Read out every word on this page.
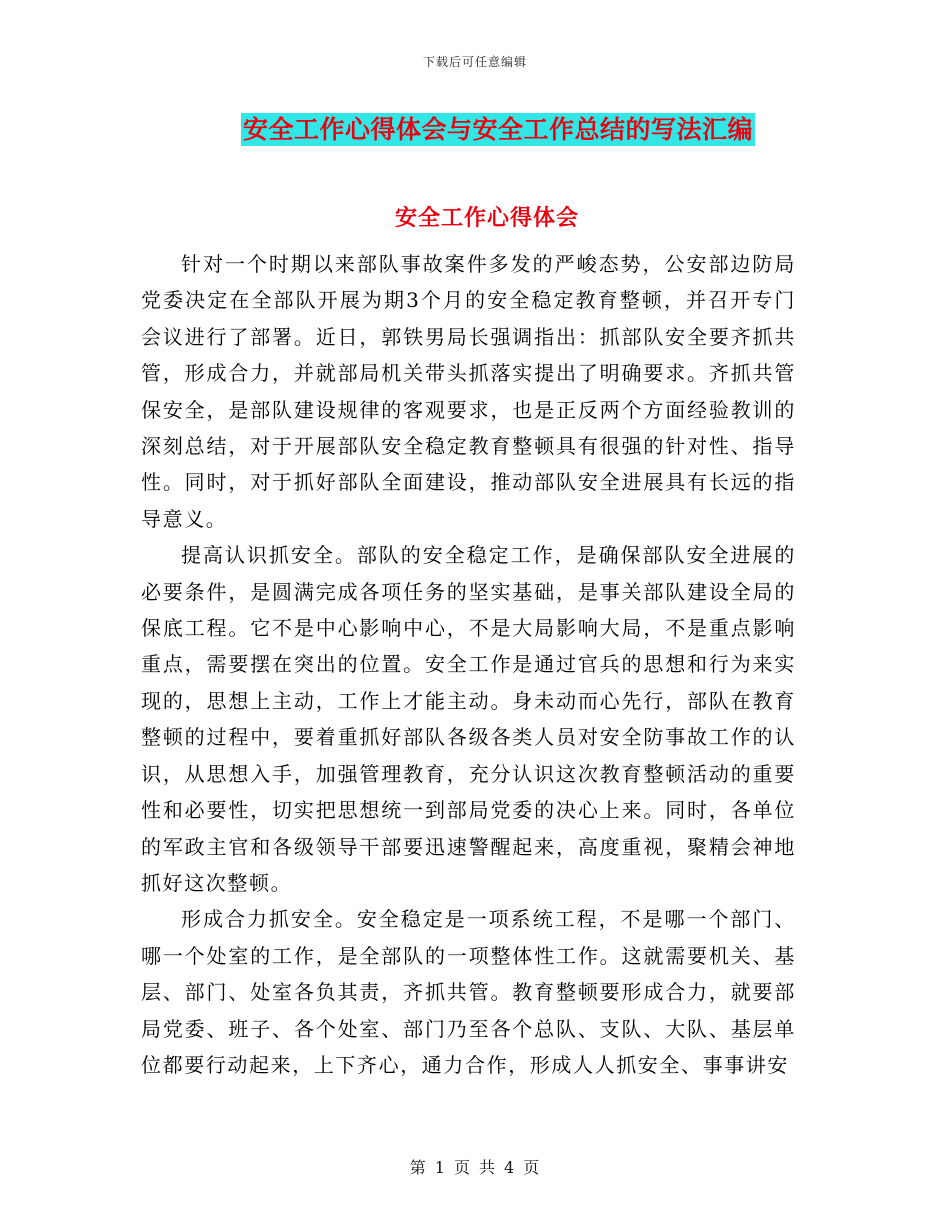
下载后可任意编辑
安全工作心得体会与安全工作总结的写法汇编
安全工作心得体会

针对一个时期以来部队事故案件多发的严峻态势，公安部边防局党委决定在全部队开展为期3个月的安全稳定教育整顿，并召开专门会议进行了部署。近日，郭铁男局长强调指出：抓部队安全要齐抓共管，形成合力，并就部局机关带头抓落实提出了明确要求。齐抓共管保安全，是部队建设规律的客观要求，也是正反两个方面经验教训的深刻总结，对于开展部队安全稳定教育整顿具有很强的针对性、指导性。同时，对于抓好部队全面建设，推动部队安全进展具有长远的指导意义。

提高认识抓安全。部队的安全稳定工作，是确保部队安全进展的必要条件，是圆满完成各项任务的坚实基础，是事关部队建设全局的保底工程。它不是中心影响中心，不是大局影响大局，不是重点影响重点，需要摆在突出的位置。安全工作是通过官兵的思想和行为来实现的，思想上主动，工作上才能主动。身未动而心先行，部队在教育整顿的过程中，要着重抓好部队各级各类人员对安全防事故工作的认识，从思想入手，加强管理教育，充分认识这次教育整顿活动的重要性和必要性，切实把思想统一到部局党委的决心上来。同时，各单位的军政主官和各级领导干部要迅速警醒起来，高度重视，聚精会神地抓好这次整顿。

形成合力抓安全。安全稳定是一项系统工程，不是哪一个部门、哪一个处室的工作，是全部队的一项整体性工作。这就需要机关、基层、部门、处室各负其责，齐抓共管。教育整顿要形成合力，就要部局党委、班子、各个处室、部门乃至各个总队、支队、大队、基层单位都要行动起来，上下齐心，通力合作，形成人人抓安全、事事讲安

第 1 页 共 4 页
